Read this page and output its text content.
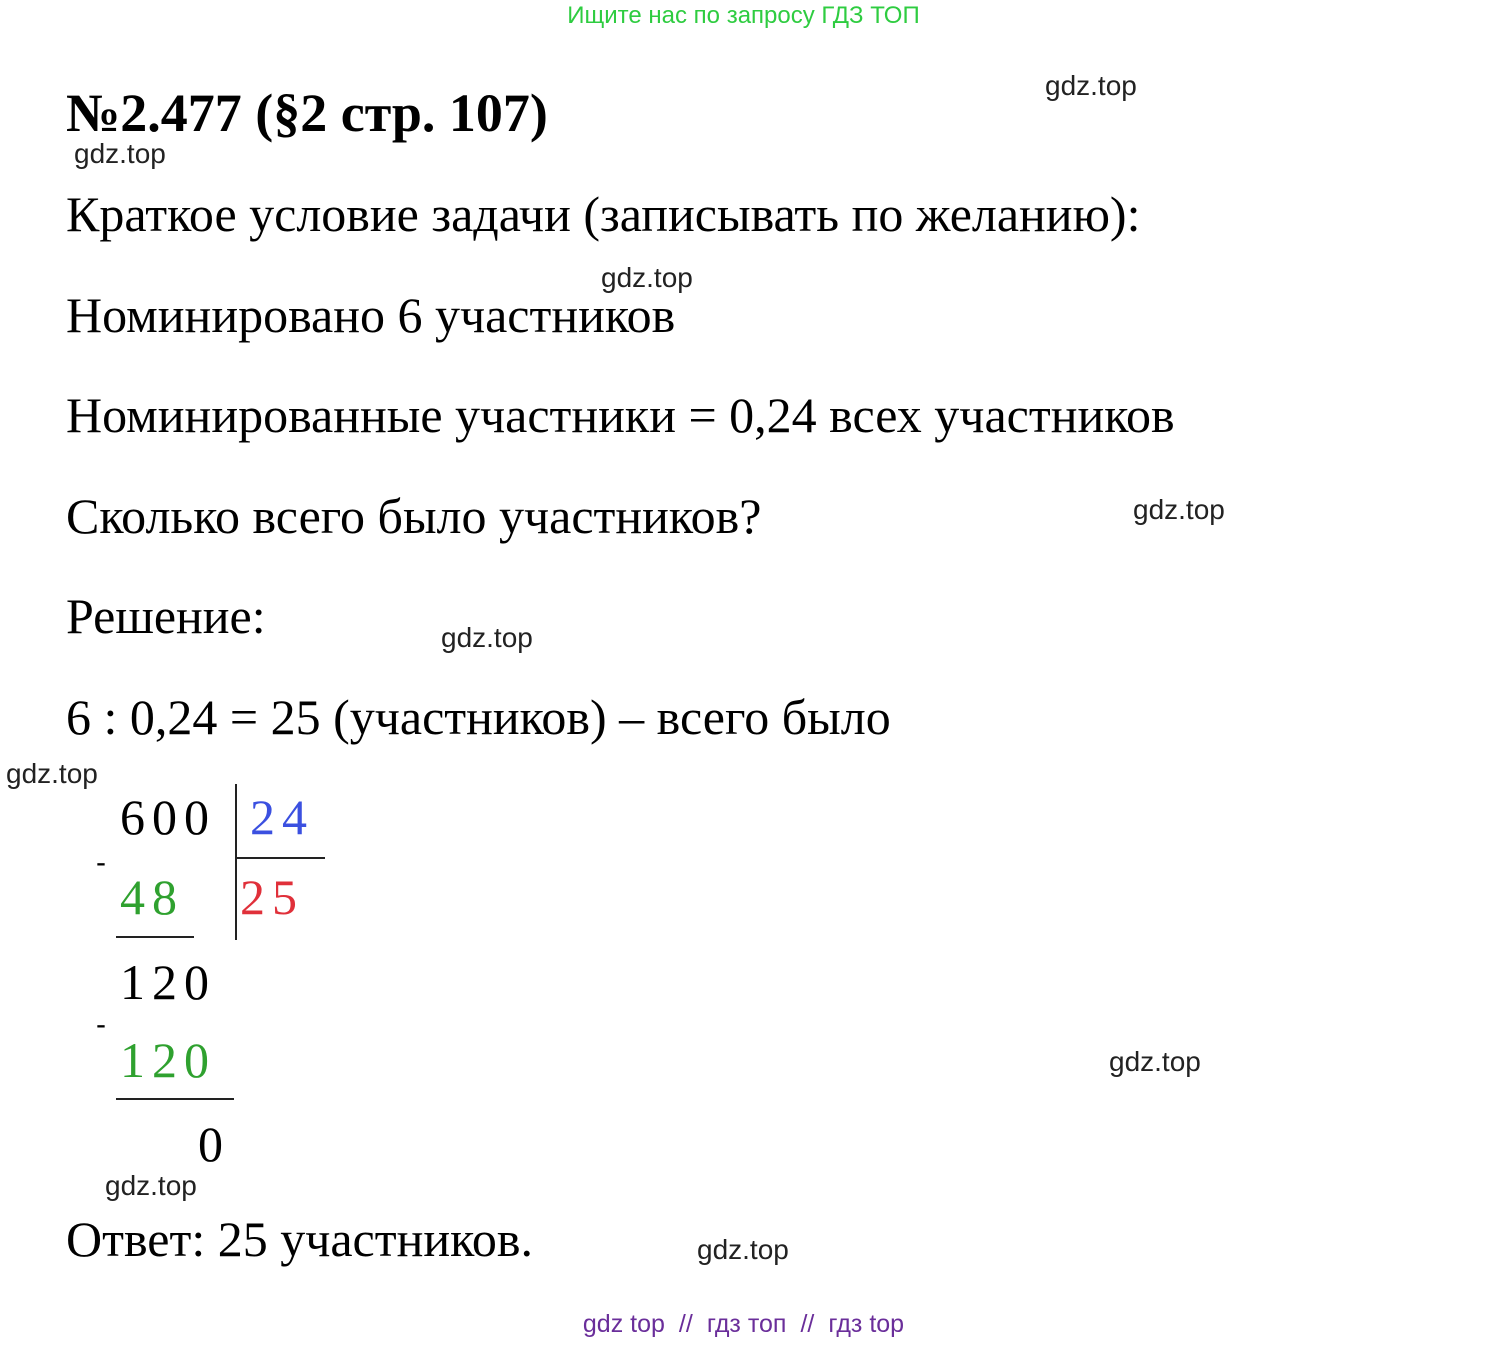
Ищите нас по запросу ГДЗ ТОП
№2.477 (§2 стр. 107)
Краткое условие задачи (записывать по желанию):
Номинировано 6 участников
Номинированные участники = 0,24 всех участников
Сколько всего было участников?
Решение:
6 : 0,24 = 25 (участников) – всего было
600 24
-
48 25
120
-
120
0
Ответ: 25 участников.
gdz.top
gdz.top
gdz.top
gdz.top
gdz.top
gdz.top
gdz.top
gdz.top
gdz.top
gdz top // гдз топ // гдз top
